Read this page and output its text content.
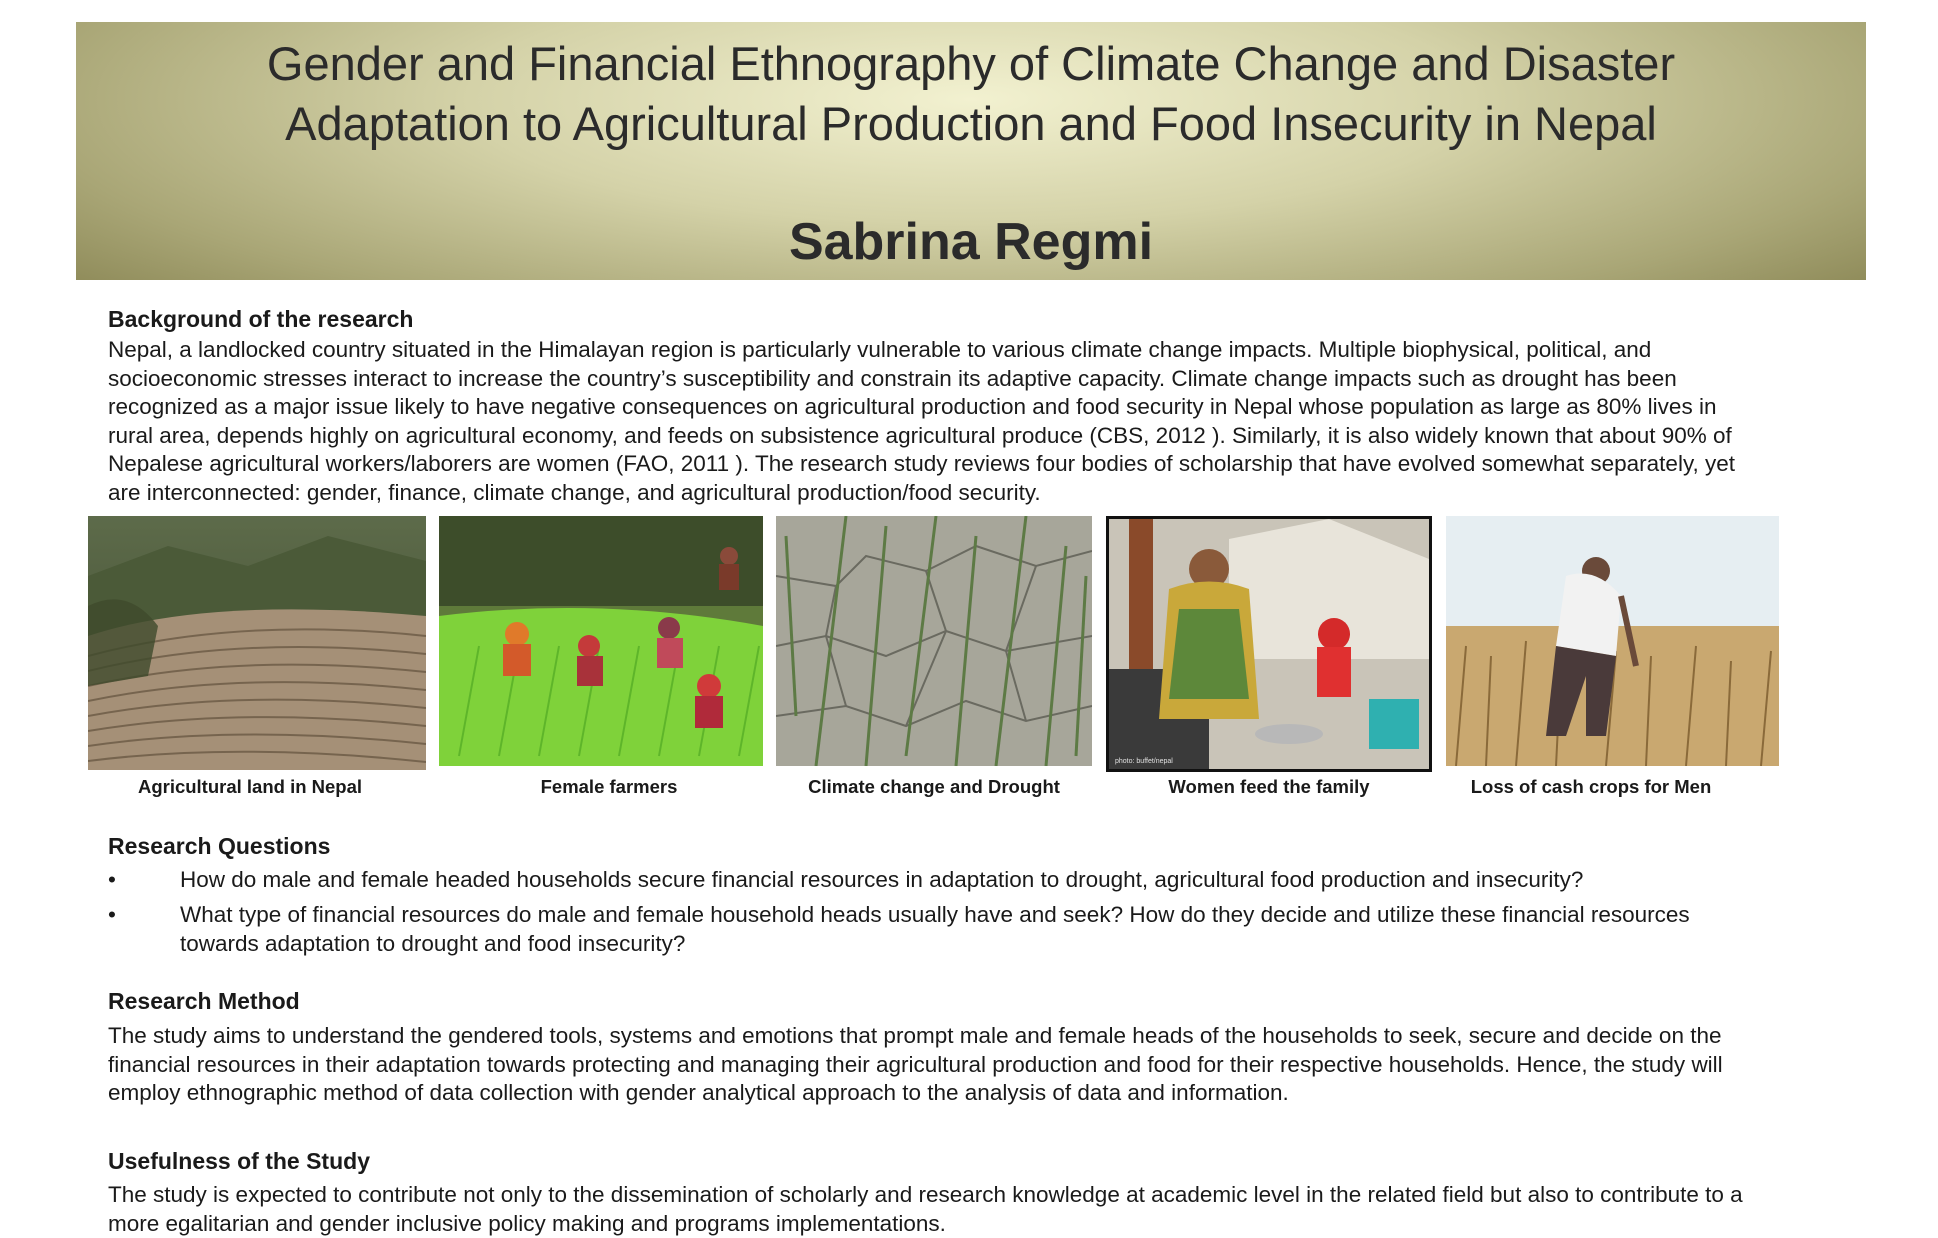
Gender and Financial Ethnography of Climate Change and Disaster
Adaptation to Agricultural Production and Food Insecurity in Nepal
Sabrina Regmi
Background of the research

Nepal, a landlocked country situated in the Himalayan region is particularly vulnerable to various climate change impacts. Multiple biophysical, political, and
socioeconomic stresses interact to increase the country’s susceptibility and constrain its adaptive capacity. Climate change impacts such as drought has been
recognized as a major issue likely to have negative consequences on agricultural production and food security in Nepal whose population as large as 80% lives in
rural area, depends highly on agricultural economy, and feeds on subsistence agricultural produce (CBS, 2012 ). Similarly, it is also widely known that about 90% of
Nepalese agricultural workers/laborers are women (FAO, 2011 ). The research study reviews four bodies of scholarship that have evolved somewhat separately, yet
are interconnected: gender, finance, climate change, and agricultural production/food security.

photo: buffet/nepal
Agricultural land in Nepal	Female farmers	Climate change and Drought	Women feed the family	Loss of cash crops for Men
Research Questions
•	How do male and female headed households secure financial resources in adaptation to drought, agricultural food production and insecurity?
•	What type of financial resources do male and female household heads usually have and seek? How do they decide and utilize these financial resources
towards adaptation to drought and food insecurity?
Research Method

The study aims to understand the gendered tools, systems and emotions that prompt male and female heads of the households to seek, secure and decide on the
financial resources in their adaptation towards protecting and managing their agricultural production and food for their respective households. Hence, the study will
employ ethnographic method of data collection with gender analytical approach to the analysis of data and information.

Usefulness of the Study

The study is expected to contribute not only to the dissemination of scholarly and research knowledge at academic level in the related field but also to contribute to a
more egalitarian and gender inclusive policy making and programs implementations.
